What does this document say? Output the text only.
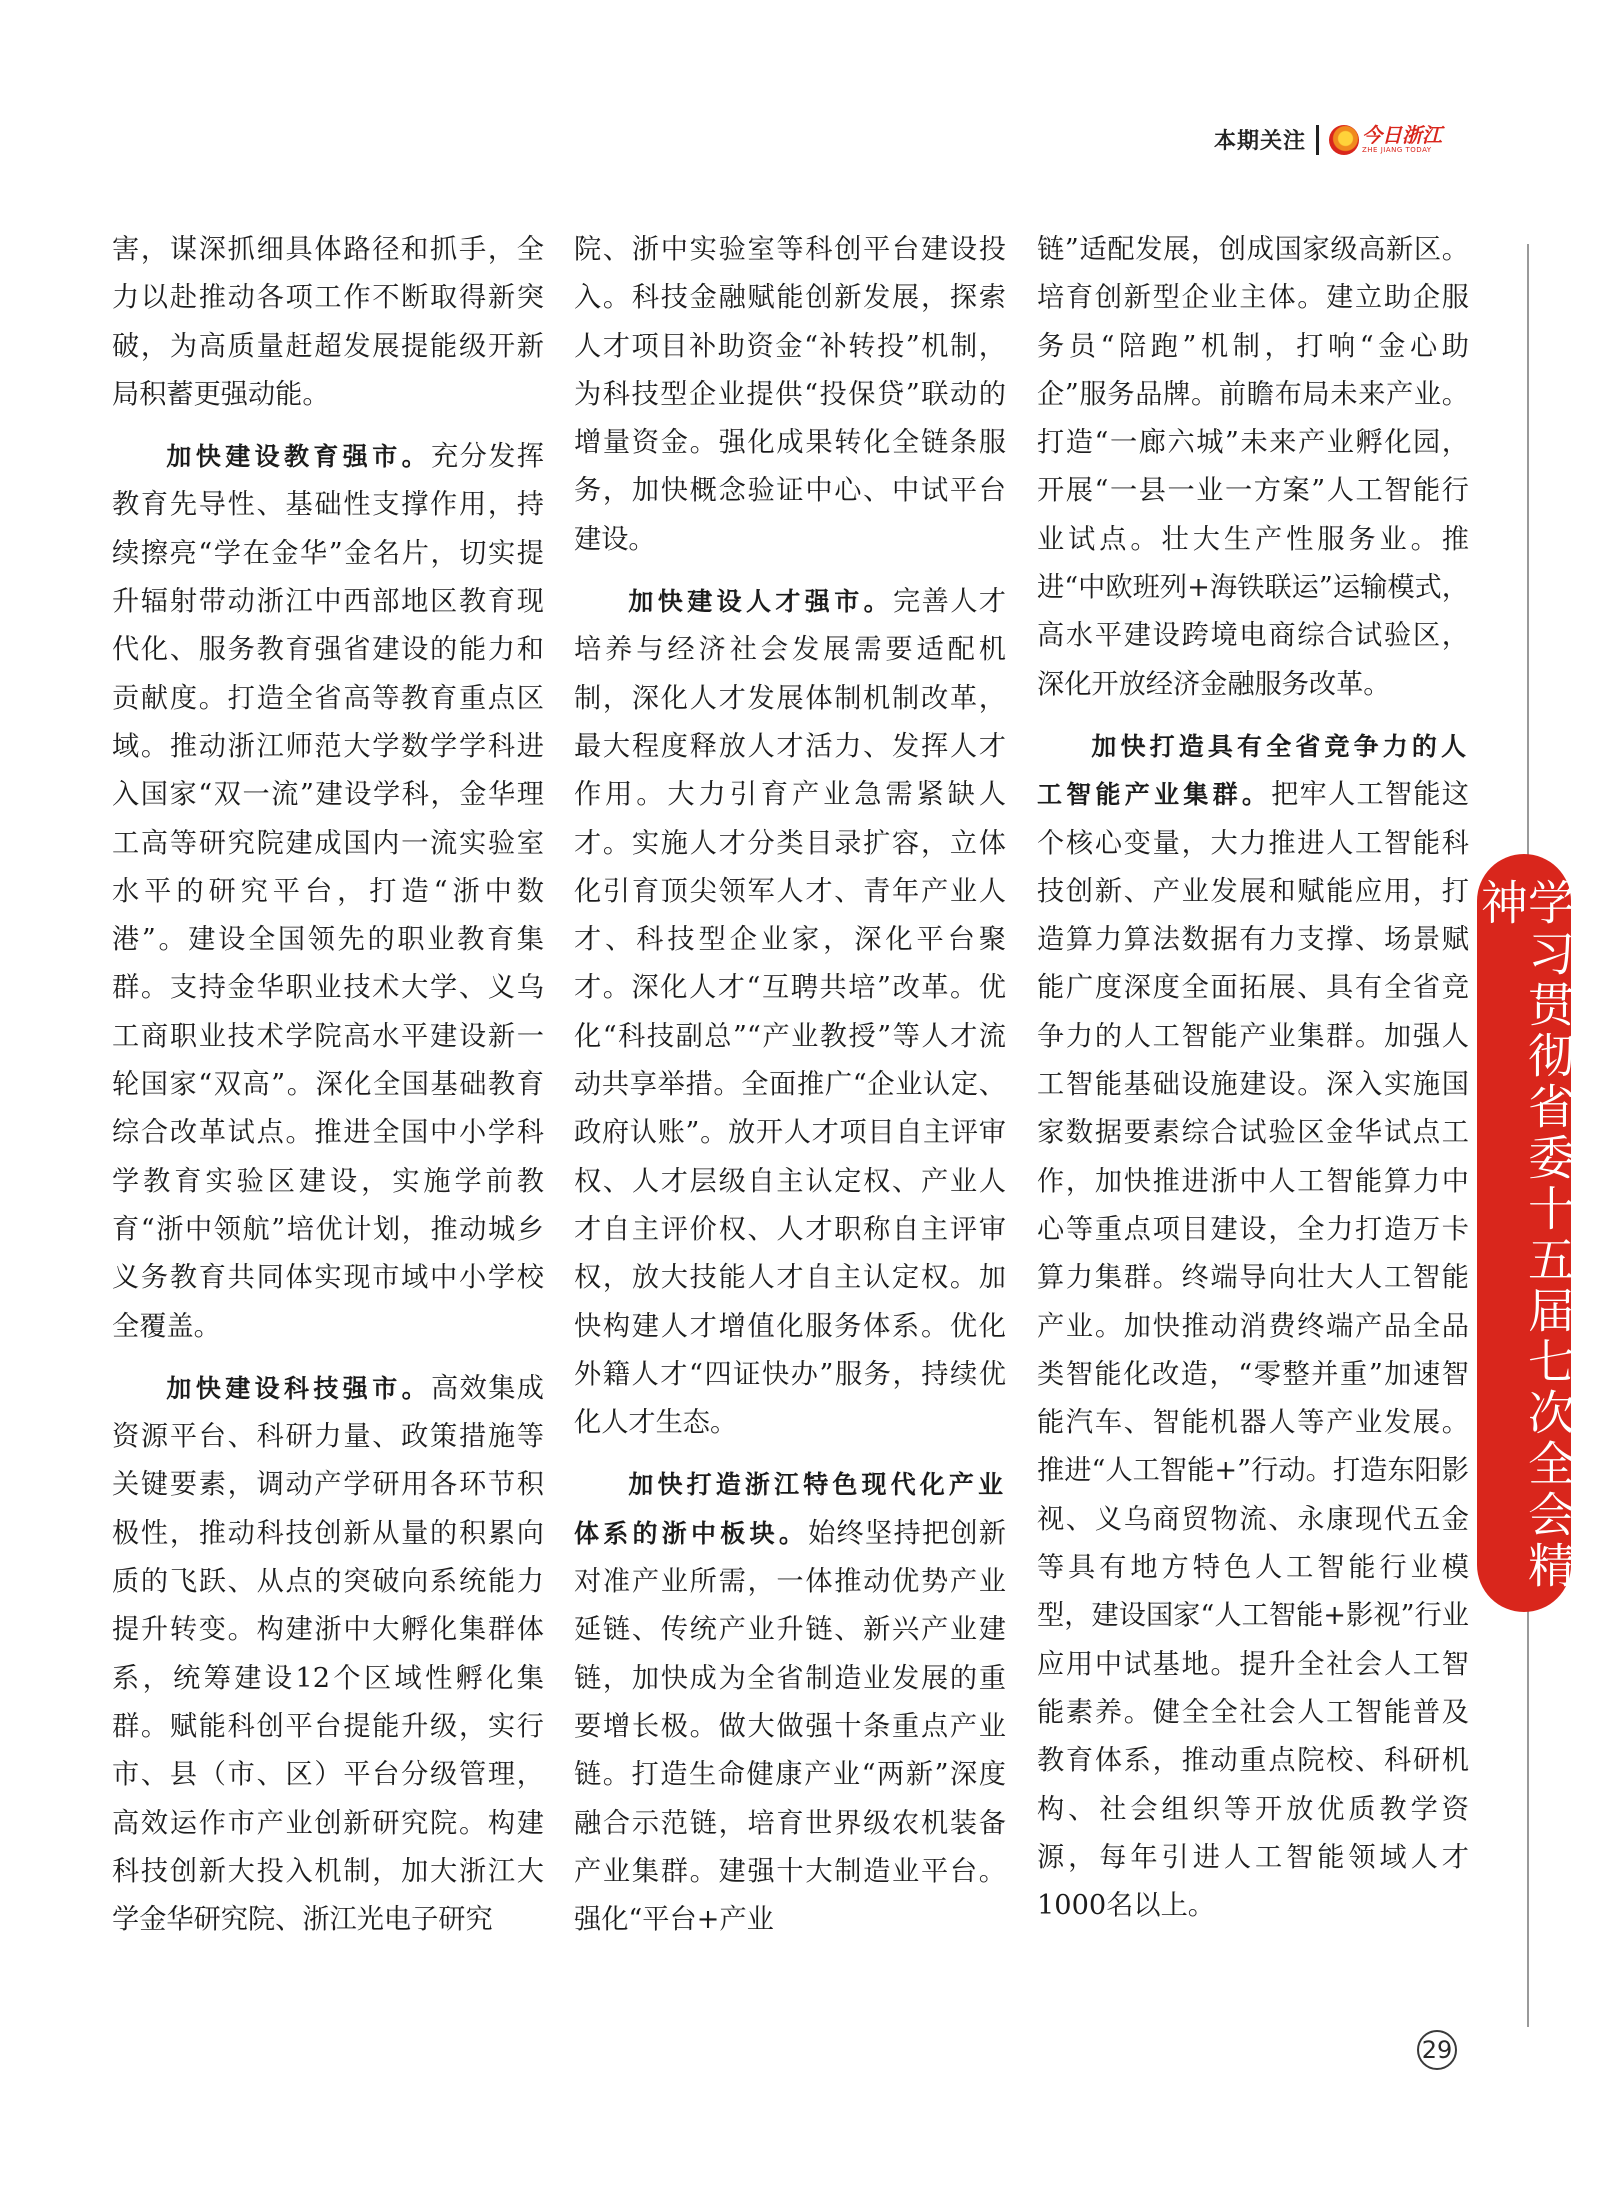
本期关注	今日浙江
ZHE JIANG TODAY

害，谋深抓细具体路径和抓手，全力以赴推动各项工作不断取得新突破，为高质量赶超发展提能级开新局积蓄更强动能。

加快建设教育强市。充分发挥教育先导性、基础性支撑作用，持续擦亮“学在金华”金名片，切实提升辐射带动浙江中西部地区教育现代化、服务教育强省建设的能力和贡献度。打造全省高等教育重点区域。推动浙江师范大学数学学科进入国家“双一流”建设学科，金华理工高等研究院建成国内一流实验室水平的研究平台，打造“浙中数港”。建设全国领先的职业教育集群。支持金华职业技术大学、义乌工商职业技术学院高水平建设新一轮国家“双高”。深化全国基础教育综合改革试点。推进全国中小学科学教育实验区建设，实施学前教育“浙中领航”培优计划，推动城乡义务教育共同体实现市域中小学校全覆盖。

加快建设科技强市。高效集成资源平台、科研力量、政策措施等关键要素，调动产学研用各环节积极性，推动科技创新从量的积累向质的飞跃、从点的突破向系统能力提升转变。构建浙中大孵化集群体系，统筹建设12个区域性孵化集群。赋能科创平台提能升级，实行市、县（市、区）平台分级管理，高效运作市产业创新研究院。构建科技创新大投入机制，加大浙江大学金华研究院、浙江光电子研究

院、浙中实验室等科创平台建设投入。科技金融赋能创新发展，探索人才项目补助资金“补转投”机制，为科技型企业提供“投保贷”联动的增量资金。强化成果转化全链条服务，加快概念验证中心、中试平台建设。

加快建设人才强市。完善人才培养与经济社会发展需要适配机制，深化人才发展体制机制改革，最大程度释放人才活力、发挥人才作用。大力引育产业急需紧缺人才。实施人才分类目录扩容，立体化引育顶尖领军人才、青年产业人才、科技型企业家，深化平台聚才。深化人才“互聘共培”改革。优化“科技副总”“产业教授”等人才流动共享举措。全面推广“企业认定、政府认账”。放开人才项目自主评审权、人才层级自主认定权、产业人才自主评价权、人才职称自主评审权，放大技能人才自主认定权。加快构建人才增值化服务体系。优化外籍人才“四证快办”服务，持续优化人才生态。

加快打造浙江特色现代化产业体系的浙中板块。始终坚持把创新对准产业所需，一体推动优势产业延链、传统产业升链、新兴产业建链，加快成为全省制造业发展的重要增长极。做大做强十条重点产业链。打造生命健康产业“两新”深度融合示范链，培育世界级农机装备产业集群。建强十大制造业平台。强化“平台+产业

链”适配发展，创成国家级高新区。培育创新型企业主体。建立助企服务员“陪跑”机制，打响“金心助企”服务品牌。前瞻布局未来产业。打造“一廊六城”未来产业孵化园，开展“一县一业一方案”人工智能行业试点。壮大生产性服务业。推进“中欧班列+海铁联运”运输模式，高水平建设跨境电商综合试验区，深化开放经济金融服务改革。

加快打造具有全省竞争力的人工智能产业集群。把牢人工智能这个核心变量，大力推进人工智能科技创新、产业发展和赋能应用，打造算力算法数据有力支撑、场景赋能广度深度全面拓展、具有全省竞争力的人工智能产业集群。加强人工智能基础设施建设。深入实施国家数据要素综合试验区金华试点工作，加快推进浙中人工智能算力中心等重点项目建设，全力打造万卡算力集群。终端导向壮大人工智能产业。加快推动消费终端产品全品类智能化改造，“零整并重”加速智能汽车、智能机器人等产业发展。推进“人工智能+”行动。打造东阳影视、义乌商贸物流、永康现代五金等具有地方特色人工智能行业模型，建设国家“人工智能+影视”行业应用中试基地。提升全社会人工智能素养。健全全社会人工智能普及教育体系，推动重点院校、科研机构、社会组织等开放优质教学资源，每年引进人工智能领域人才1000名以上。

学习贯彻省委十五届七次全会精神
29
